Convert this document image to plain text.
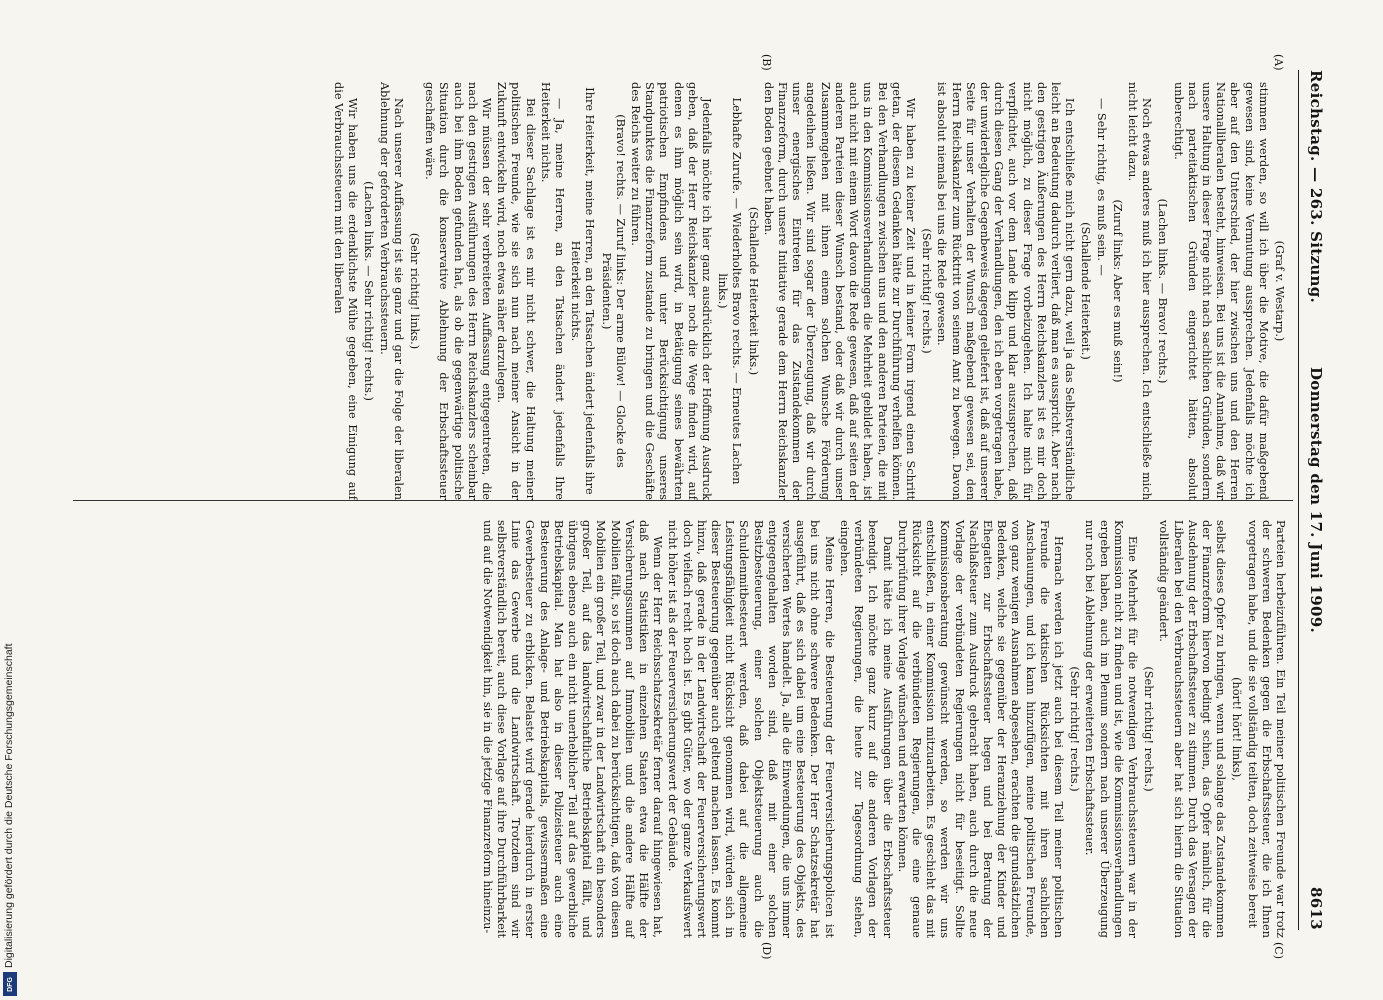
Reichstag. — 263. Sitzung.
Donnerstag den 17. Juni 1909.
8613
(A)
(B)
(C)
(D)

(Graf v. Westarp.)

stimmen werden, so will ich über die Motive, die dafür maßgebend gewesen sind, keine Vermutung aussprechen. Jedenfalls möchte ich aber auf den Unterschied, der hier zwischen uns und den Herren Nationalliberalen besteht, hinweisen. Bei uns ist die Annahme, daß wir unsere Haltung in dieser Frage nicht nach sachlichen Gründen, sondern nach parteitaktischen Gründen eingerichtet hätten, absolut unberechtigt.

(Lachen links. — Bravo! rechts.)

Noch etwas anderes muß ich hier aussprechen. Ich entschließe mich nicht leicht dazu.

(Zuruf links: Aber es muß sein!)

— Sehr richtig, es muß sein. —

(Schallende Heiterkeit.)

Ich entschließe mich nicht gern dazu, weil ja das Selbstverständliche leicht an Bedeutung dadurch verliert, daß man es ausspricht. Aber nach den gestrigen Äußerungen des Herrn Reichskanzlers ist es mir doch nicht möglich, zu dieser Frage vorbeizugehen. Ich halte mich für verpflichtet, auch vor dem Lande klipp und klar auszusprechen, daß durch diesen Gang der Verhandlungen, den ich eben vorgetragen habe, der unwiderlegliche Gegenbeweis dagegen geliefert ist, daß auf unserer Seite für unser Verhalten der Wunsch maßgebend gewesen sei, den Herrn Reichskanzler zum Rücktritt von seinem Amt zu bewegen. Davon ist absolut niemals bei uns die Rede gewesen.

(Sehr richtig! rechts.)

Wir haben zu keiner Zeit und in keiner Form irgend einen Schritt getan, der diesem Gedanken hätte zur Durchführung verhelfen können. Bei den Verhandlungen zwischen uns und den anderen Parteien, die mit uns in den Kommissionsverhandlungen die Mehrheit gebildet haben, ist auch nicht mit einem Wort davon die Rede gewesen, daß auf seiten der anderen Parteien dieser Wunsch bestand, oder daß wir durch unser Zusammengehen mit ihnen einem solchen Wunsche Förderung angedeihen ließen. Wir sind sogar der Überzeugung, daß wir durch unser energisches Eintreten für das Zustandekommen der Finanzreform, durch unsere Initiative gerade dem Herrn Reichskanzler den Boden geebnet haben.

(Schallende Heiterkeit links.)

Lebhafte Zurufe. — Wiederholtes Bravo rechts. — Erneutes Lachen links.)

Jedenfalls möchte ich hier ganz ausdrücklich der Hoffnung Ausdruck geben, daß der Herr Reichskanzler noch die Wege finden wird, auf denen es ihm möglich sein wird, in Betätigung seines bewährten patriotischen Empfindens und unter Berücksichtigung unseres Standpunktes die Finanzreform zustande zu bringen und die Geschäfte des Reichs weiter zu führen.

(Bravo! rechts. — Zuruf links: Der arme Bülow! — Glocke des Präsidenten.)

Ihre Heiterkeit, meine Herren, an den Tatsachen ändert jedenfalls ihre Heiterkeit nichts.

— Ja, meine Herren, an den Tatsachen ändert jedenfalls Ihre Heiterkeit nichts.

Bei dieser Sachlage ist es mir nicht schwer, die Haltung meiner politischen Freunde, wie sie sich nun nach meiner Ansicht in der Zukunft entwickeln wird, noch etwas näher darzulegen.

Wir müssen der sehr verbreiteten Auffassung entgegentreten, die nach den gestrigen Ausführungen des Herrn Reichskanzlers scheinbar auch bei ihm Boden gefunden hat, als ob die gegenwärtige politische Situation durch die konservative Ablehnung der Erbschaftssteuer geschaffen wäre.

(Sehr richtig! links.)

Nach unserer Auffassung ist sie ganz und gar die Folge der liberalen Ablehnung der geforderten Verbrauchssteuern.

(Lachen links. — Sehr richtig! rechts.)

Wir haben uns die erdenklichste Mühe gegeben, eine Einigung auf die Verbrauchssteuern mit den liberalen

Parteien herbeizuführen. Ein Teil meiner politischen Freunde war trotz der schweren Bedenken gegen die Erbschaftssteuer, die ich Ihnen vorgetragen habe, und die sie vollständig teilten, doch zeitweise bereit

(hört! hört! links),

selbst dieses Opfer zu bringen, wenn und solange das Zustandekommen der Finanzreform hiervon bedingt schien, das Opfer nämlich, für die Ausdehnung der Erbschaftssteuer zu stimmen. Durch das Versagen der Liberalen bei den Verbrauchssteuern aber hat sich hierin die Situation vollständig geändert.

(Sehr richtig! rechts.)

Eine Mehrheit für die notwendigen Verbrauchssteuern war in der Kommission nicht zu finden und ist, wie die Kommissionsverhandlungen ergeben haben, auch im Plenum sondern nach unserer Überzeugung nur noch bei Ablehnung der erweiterten Erbschaftssteuer.

(Sehr richtig! rechts.)

Hernach werden ich jetzt auch bei diesem Teil meiner politischen Freunde die taktischen Rücksichten mit ihren sachlichen Anschauungen, und ich kann hinzufügen, meine politischen Freunde, von ganz wenigen Ausnahmen abgesehen, erachten die grundsätzlichen Bedenken, welche sie gegenüber der Heranziehung der Kinder und Ehegatten zur Erbschaftssteuer hegen und bei Beratung der Nachlaßsteuer zum Ausdruck gebracht haben, auch durch die neue Vorlage der verbündeten Regierungen nicht für beseitigt. Sollte Kommissionsberatung gewünscht werden, so werden wir uns entschließen, in einer Kommission mitzuarbeiten. Es geschieht das mit Rücksicht auf die verbündeten Regierungen, die eine genaue Durchprüfung ihrer Vorlage wünschen und erwarten können.

Damit hätte ich meine Ausführungen über die Erbschaftssteuer beendigt. Ich möchte ganz kurz auf die anderen Vorlagen der verbündeten Regierungen, die heute zur Tagesordnung stehen, eingehen.

Meine Herren, die Besteuerung der Feuerversicherungspolicen ist bei uns nicht ohne schwere Bedenken. Der Herr Schatzsekretär hat ausgeführt, daß es sich dabei um eine Besteuerung des Objekts, des versicherten Wertes handelt. Ja, alle die Einwendungen, die uns immer entgegengehalten worden sind, daß mit einer solchen Besitzbesteuerung, einer solchen Objektsteuerung auch die Schuldenmitbesteuert werden, daß dabei auf die allgemeine Leistungsfähigkeit nicht Rücksicht genommen wird, würden sich in dieser Besteuerung gegenüber auch geltend machen lassen. Es kommt hinzu, daß gerade in der Landwirtschaft der Feuerversicherungswert doch vielfach recht hoch ist. Es gibt Güter, wo der ganze Verkaufswert nicht höher ist als der Feuerversicherungswert der Gebäude.

Wenn der Herr Reichsschatzsekretär ferner darauf hingewiesen hat, daß nach Statistiken in einzelnen Staaten etwa die Hälfte der Versicherungssummen auf Immobilien und die andere Hälfte auf Mobilien fällt, so ist doch auch dabei zu berücksichtigen, daß von diesen Mobilien ein großer Teil, und zwar in der Landwirtschaft ein besonders großer Teil, auf das landwirtschaftliche Betriebskapital fällt, und übrigens ebenso auch ein nicht unerheblicher Teil auf das gewerbliche Betriebskapital. Man hat also in dieser Polizeisteuer auch eine Besteuerung des Anlage- und Betriebskapitals, gewissermaßen eine Gewerbesteuer zu erblicken. Belastet wird gerade hierdurch in erster Linie das Gewerbe und die Landwirtschaft. Trotzdem sind wir selbstverständlich bereit, auch diese Vorlage auf ihre Durchführbarkeit und auf die Notwendigkeit hin, sie in die jetzige Finanzreform hineinzu-

Digitalisierung gefördert durch die Deutsche Forschungsgemeinschaft
DFG
